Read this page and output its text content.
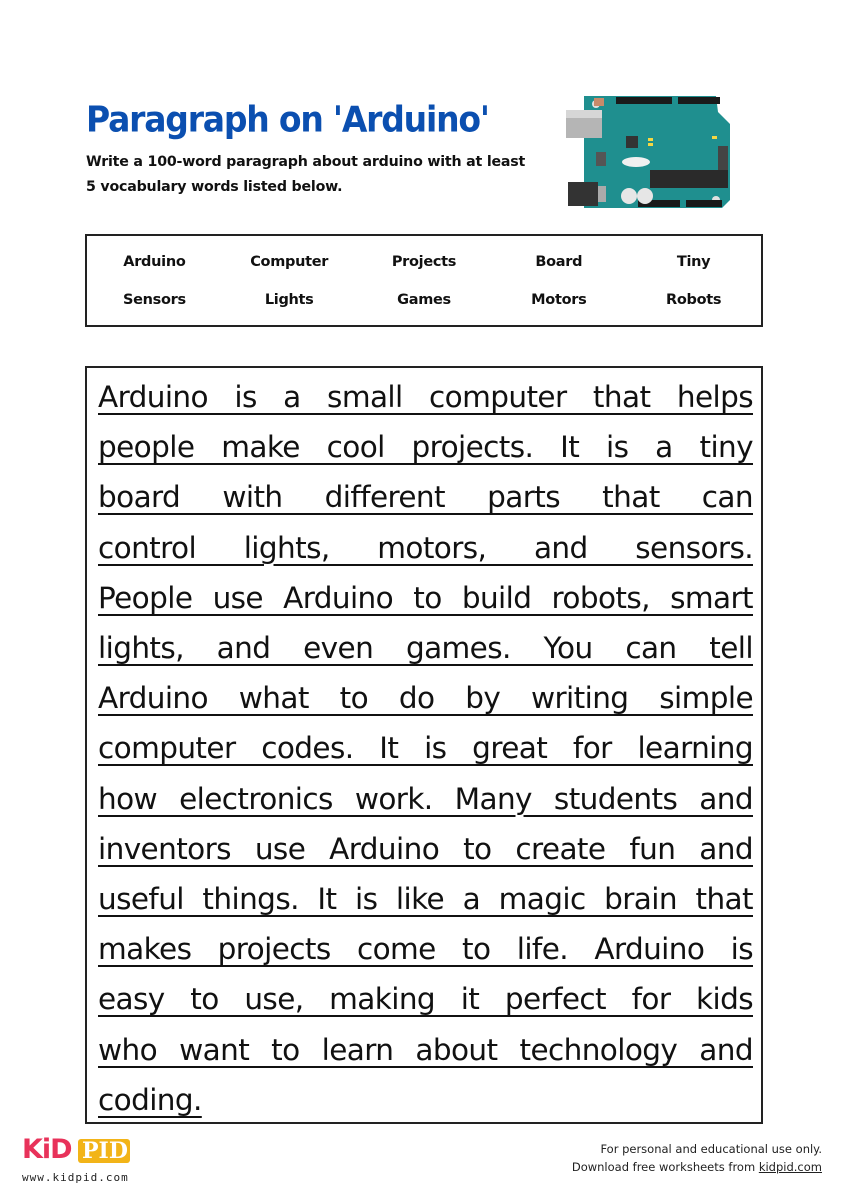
Paragraph on 'Arduino'

Write a 100-word paragraph about arduino with at least 5 vocabulary words listed below.

Arduino	Computer	Projects	Board	Tiny
Sensors	Lights	Games	Motors	Robots

Arduino is a small computer that helps
people make cool projects. It is a tiny
board with different parts that can
control lights, motors, and sensors.
People use Arduino to build robots, smart
lights, and even games. You can tell
Arduino what to do by writing simple
computer codes. It is great for learning
how electronics work. Many students and
inventors use Arduino to create fun and
useful things. It is like a magic brain that
makes projects come to life. Arduino is
easy to use, making it perfect for kids
who want to learn about technology and
coding.

KiD PID
www.kidpid.com
For personal and educational use only.
Download free worksheets from kidpid.com
